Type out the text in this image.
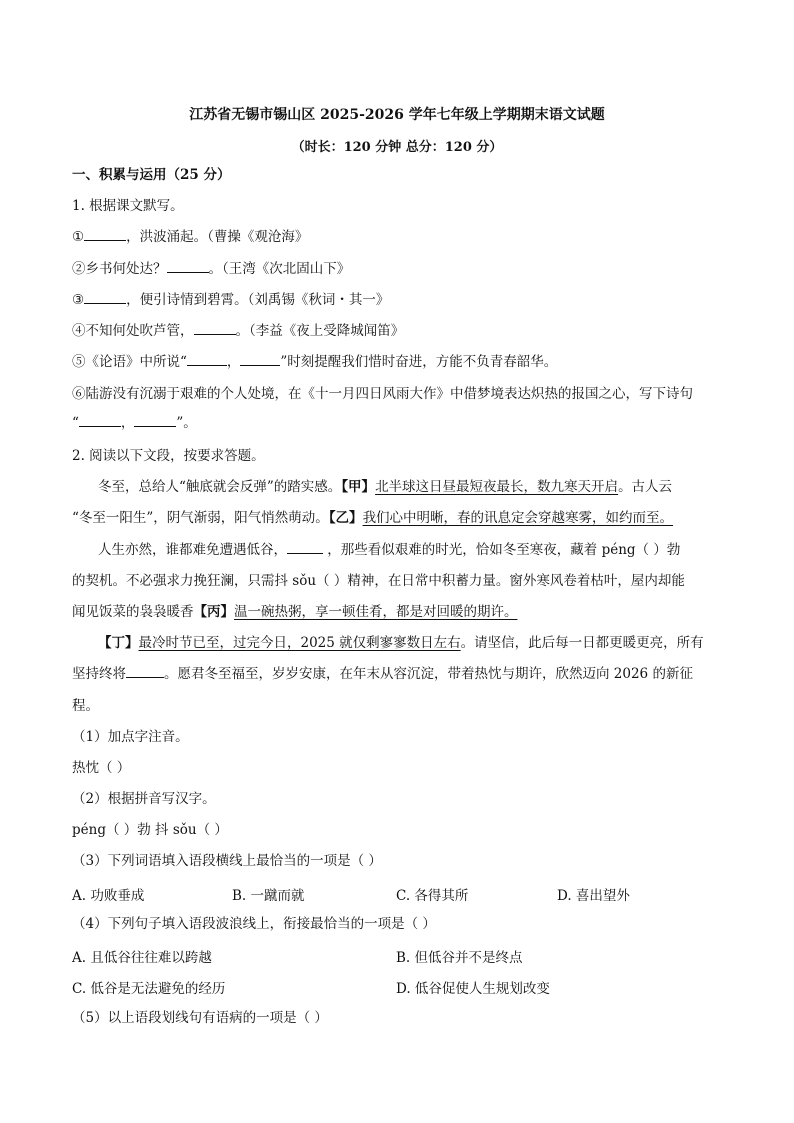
江苏省无锡市锡山区 2025-2026 学年七年级上学期期末语文试题
（时长：120 分钟 总分：120 分）
一、积累与运用（25 分）
1. 根据课文默写。
①	，洪波涌起。（曹操《观沧海》
②乡书何处达？	。（王湾《次北固山下》
③	，便引诗情到碧霄。（刘禹锡《秋词・其一》
④不知何处吹芦管，	。（李益《夜上受降城闻笛》
⑤《论语》中所说“	，	”时刻提醒我们惜时奋进，方能不负青春韶华。
⑥陆游没有沉溺于艰难的个人处境，在《十一月四日风雨大作》中借梦境表达炽热的报国之心，写下诗句
“	，	”。
2. 阅读以下文段，按要求答题。
冬至，总给人“触底就会反弹”的踏实感。【甲】北半球这日昼最短夜最长，数九寒天开启。古人云
“冬至一阳生”，阴气渐弱，阳气悄然萌动。【乙】我们心中明晰，春的讯息定会穿越寒雾，如约而至。
人生亦然，谁都难免遭遇低谷，	，那些看似艰难的时光，恰如冬至寒夜，藏着 péng（ ）勃
的契机。不必强求力挽狂澜，只需抖 sǒu（ ）精神，在日常中积蓄力量。窗外寒风卷着枯叶，屋内却能
闻见饭菜的袅袅暖香【丙】温一碗热粥，享一顿佳肴，都是对回暖的期许。
【丁】最冷时节已至，过完今日，2025 就仅剩寥寥数日左右。请坚信，此后每一日都更暖更亮，所有
坚持终将	。愿君冬至福至，岁岁安康，在年末从容沉淀，带着热忱与期许，欣然迈向 2026 的新征
程。
（1）加点字注音。
热忱（ ）
（2）根据拼音写汉字。
péng（ ）勃 抖 sǒu（ ）
（3）下列词语填入语段横线上最恰当的一项是（ ）
A. 功败垂成	B. 一蹴而就	C. 各得其所	D. 喜出望外
（4）下列句子填入语段波浪线上，衔接最恰当的一项是（ ）
A. 且低谷往往难以跨越	B. 但低谷并不是终点
C. 低谷是无法避免的经历	D. 低谷促使人生规划改变
（5）以上语段划线句有语病的一项是（ ）
